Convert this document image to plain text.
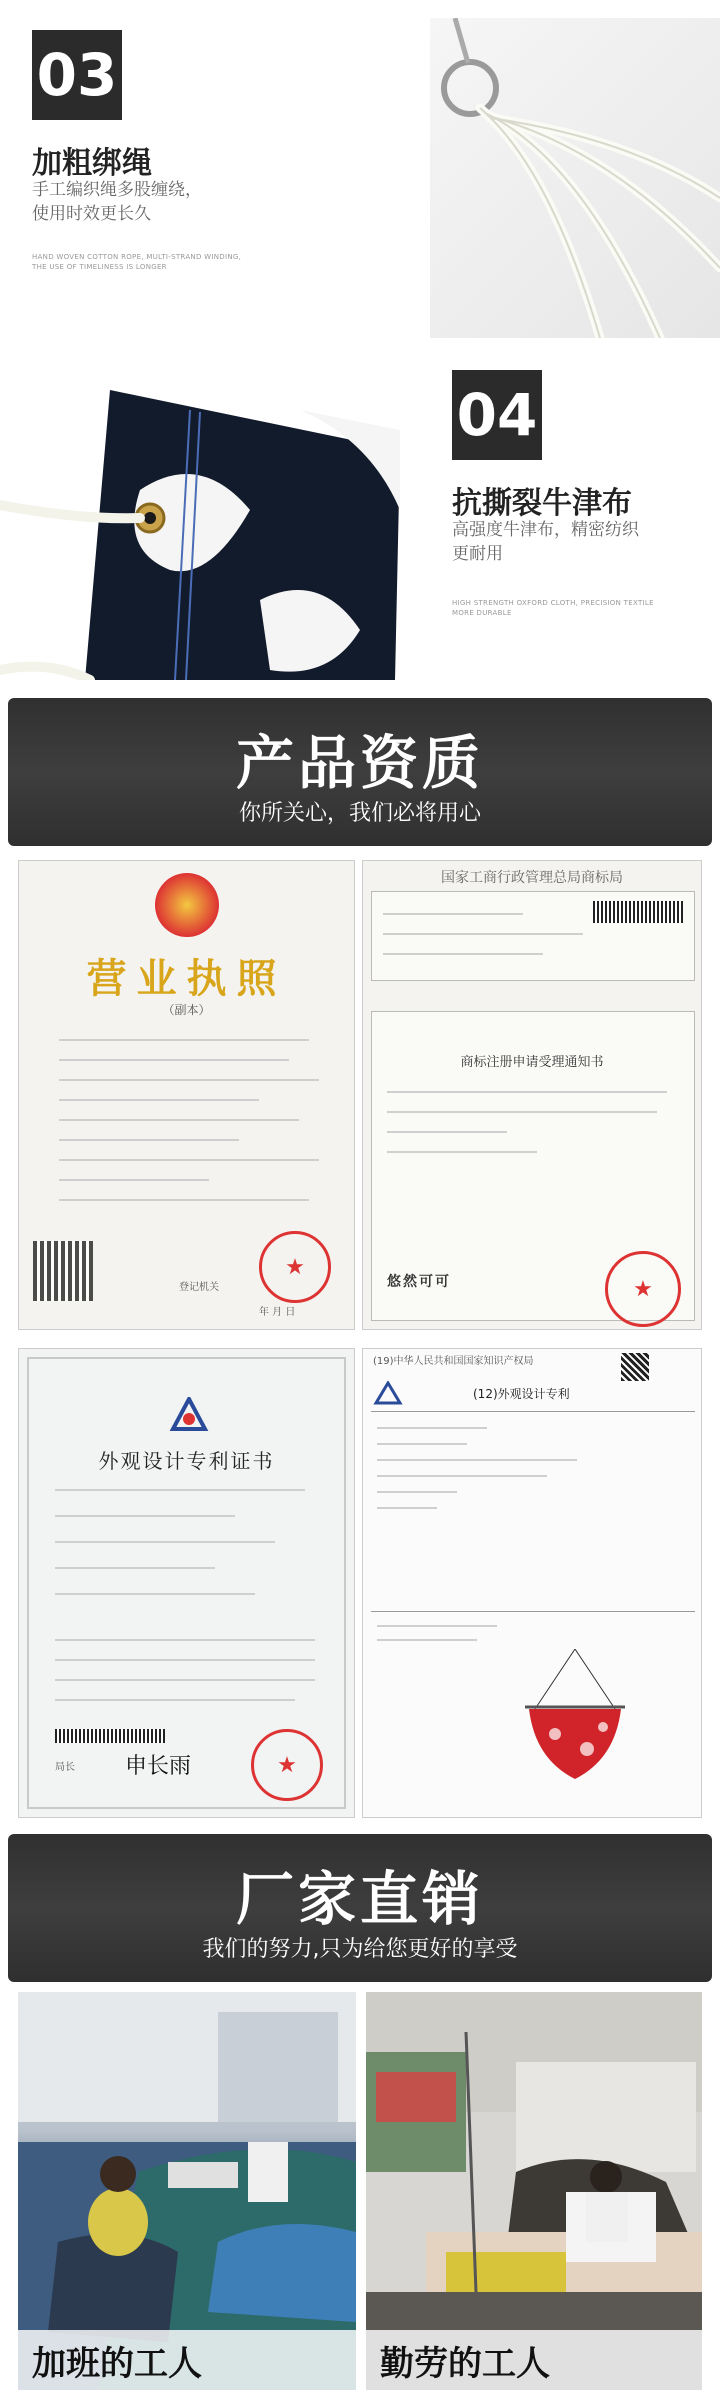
03
加粗绑绳
手工编织绳多股缠绕，
使用时效更长久
HAND WOVEN COTTON ROPE, MULTI-STRAND WINDING,
THE USE OF TIMELINESS IS LONGER
04
抗撕裂牛津布
高强度牛津布，精密纺织
更耐用
HIGH STRENGTH OXFORD CLOTH, PRECISION TEXTILE
MORE DURABLE
产品资质
你所关心，我们必将用心
营业执照
（副本）
登记机关
年 月 日
★
国家工商行政管理总局商标局
商标注册申请受理通知书
悠然可可	★
外观设计专利证书
局长 申长雨	★
(19)中华人民共和国国家知识产权局
(12)外观设计专利
厂家直销
我们的努力,只为给您更好的享受
加班的工人	勤劳的工人
